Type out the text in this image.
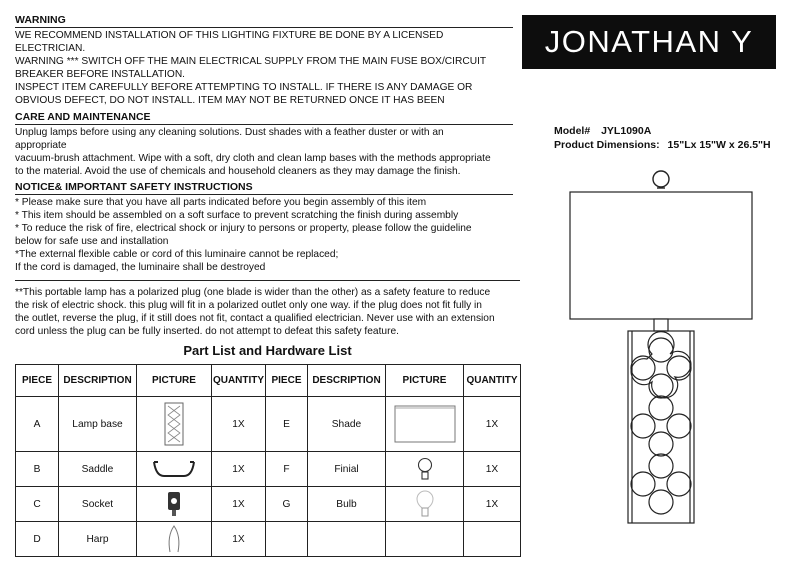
WARNING
WE RECOMMEND INSTALLATION OF THIS LIGHTING FIXTURE BE DONE BY A LICENSED
ELECTRICIAN.
WARNING *** SWITCH OFF THE MAIN ELECTRICAL SUPPLY FROM THE MAIN FUSE BOX/CIRCUIT
BREAKER BEFORE INSTALLATION.
INSPECT ITEM CAREFULLY BEFORE ATTEMPTING TO INSTALL. IF THERE IS ANY DAMAGE OR
OBVIOUS DEFECT, DO NOT INSTALL. ITEM MAY NOT BE RETURNED ONCE IT HAS BEEN
CARE AND MAINTENANCE
Unplug lamps before using any cleaning solutions. Dust shades with a feather duster or with an
appropriate
vacuum-brush attachment. Wipe with a soft, dry cloth and clean lamp bases with the methods appropriate
to the material. Avoid the use of chemicals and household cleaners as they may damage the finish.
NOTICE& IMPORTANT SAFETY INSTRUCTIONS
* Please make sure that you have all parts indicated before you begin assembly of this item
* This item should be assembled on a soft surface to prevent scratching the finish during assembly
* To reduce the risk of fire, electrical shock or injury to persons or property, please follow the guideline
below for safe use and installation
*The external flexible cable or cord of this luminaire cannot be replaced;
If the cord is damaged, the luminaire shall be destroyed
**This portable lamp has a polarized plug (one blade is wider than the other) as a safety feature to reduce
the risk of electric shock. this plug will fit in a polarized outlet only one way. if the plug does not fit fully in
the outlet, reverse the plug, if it still does not fit, contact a qualified electrician. Never use with an extension
cord unless the plug can be fully inserted. do not attempt to defeat this safety feature.
JONATHAN Y
Model# JYL1090A
Product Dimensions: 15"Lx 15"W x 26.5"H
Part List and Hardware List
PIECE	DESCRIPTION	PICTURE	QUANTITY	PIECE	DESCRIPTION	PICTURE	QUANTITY
A	Lamp base		1X	E	Shade		1X
B	Saddle		1X	F	Finial		1X
C	Socket		1X	G	Bulb		1X
D	Harp		1X				
